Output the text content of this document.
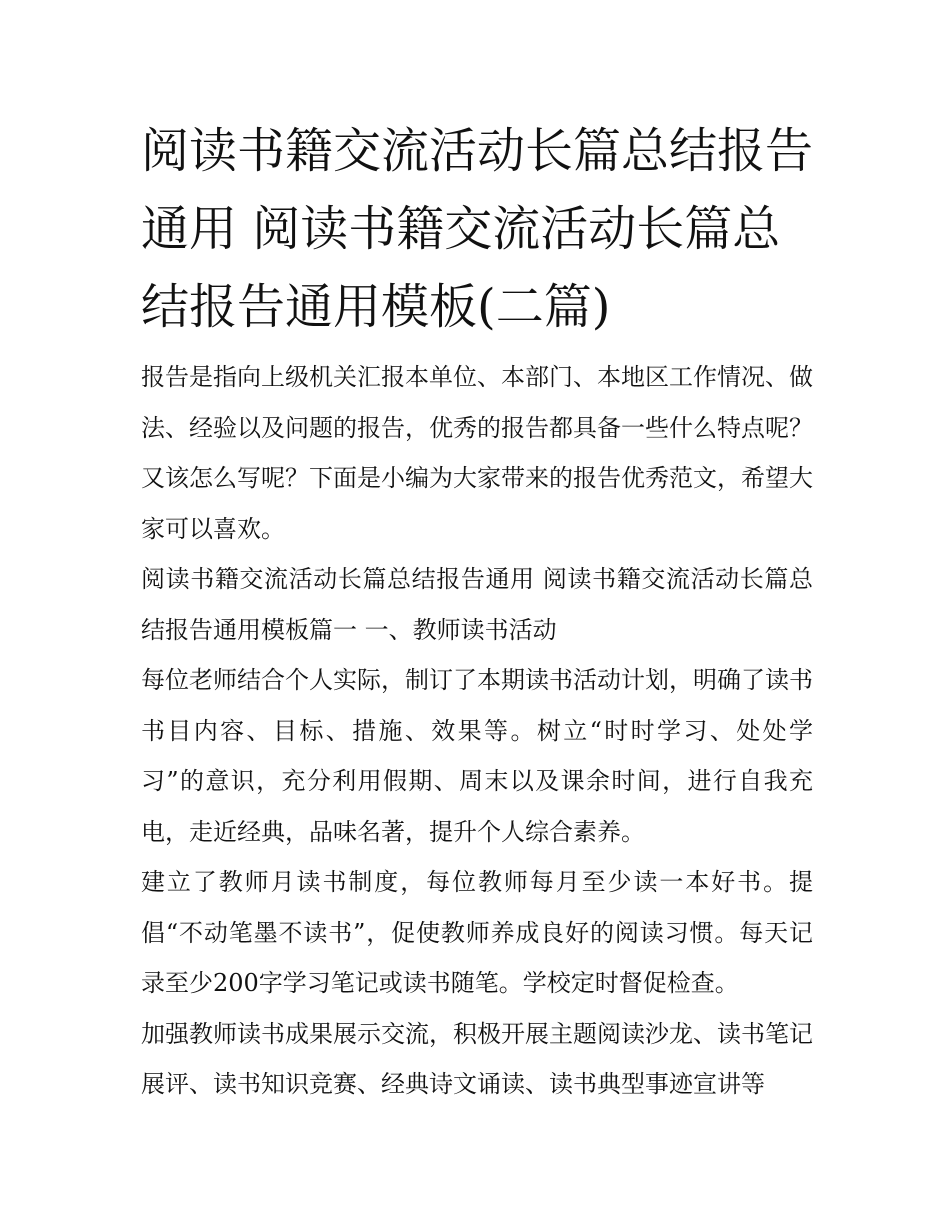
阅读书籍交流活动长篇总结报告通用 阅读书籍交流活动长篇总结报告通用模板(二篇)

报告是指向上级机关汇报本单位、本部门、本地区工作情况、做法、经验以及问题的报告，优秀的报告都具备一些什么特点呢？又该怎么写呢？下面是小编为大家带来的报告优秀范文，希望大家可以喜欢。

阅读书籍交流活动长篇总结报告通用 阅读书籍交流活动长篇总结报告通用模板篇一 一、教师读书活动

每位老师结合个人实际，制订了本期读书活动计划，明确了读书书目内容、目标、措施、效果等。树立“时时学习、处处学习”的意识，充分利用假期、周末以及课余时间，进行自我充电，走近经典，品味名著，提升个人综合素养。

建立了教师月读书制度，每位教师每月至少读一本好书。提倡“不动笔墨不读书”，促使教师养成良好的阅读习惯。每天记录至少200字学习笔记或读书随笔。学校定时督促检查。

加强教师读书成果展示交流，积极开展主题阅读沙龙、读书笔记展评、读书知识竞赛、经典诗文诵读、读书典型事迹宣讲等
